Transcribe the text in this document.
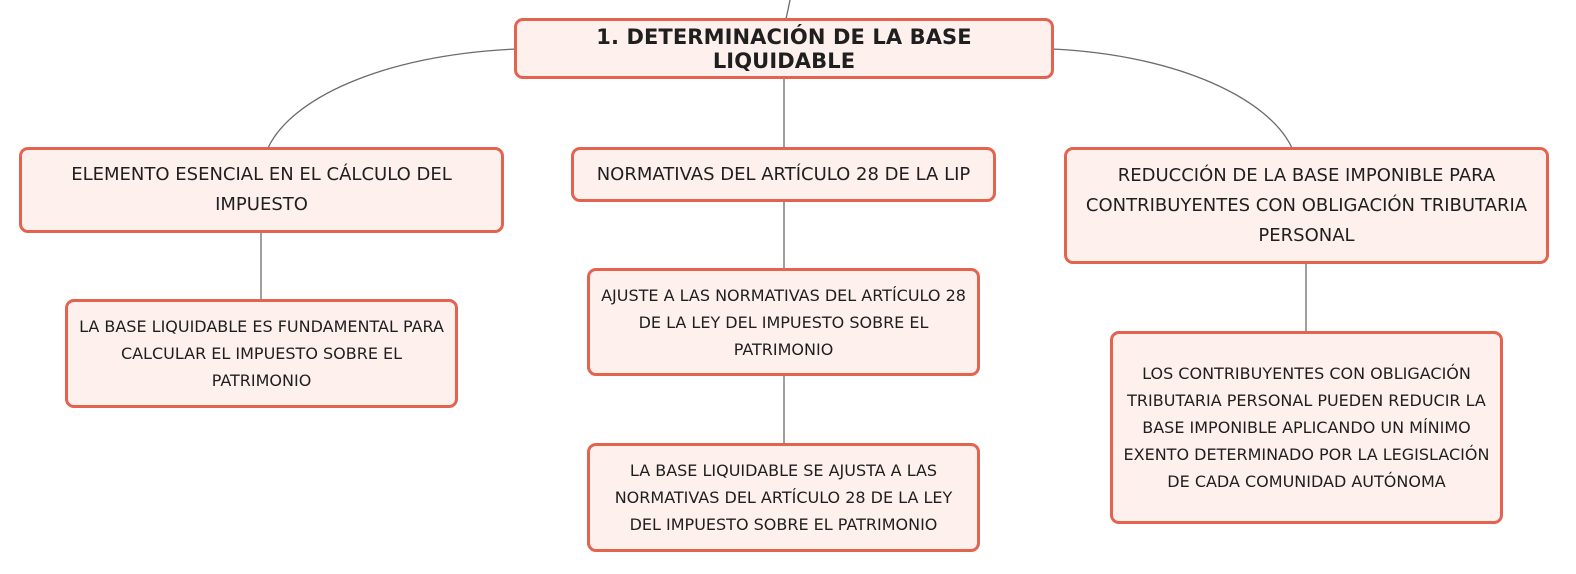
1. DETERMINACIÓN DE LA BASE LIQUIDABLE
ELEMENTO ESENCIAL EN EL CÁLCULO DEL IMPUESTO
NORMATIVAS DEL ARTÍCULO 28 DE LA LIP	REDUCCIÓN DE LA BASE IMPONIBLE PARA CONTRIBUYENTES CON OBLIGACIÓN TRIBUTARIA PERSONAL
LA BASE LIQUIDABLE ES FUNDAMENTAL PARA CALCULAR EL IMPUESTO SOBRE EL PATRIMONIO
AJUSTE A LAS NORMATIVAS DEL ARTÍCULO 28 DE LA LEY DEL IMPUESTO SOBRE EL PATRIMONIO
LA BASE LIQUIDABLE SE AJUSTA A LAS NORMATIVAS DEL ARTÍCULO 28 DE LA LEY DEL IMPUESTO SOBRE EL PATRIMONIO
LOS CONTRIBUYENTES CON OBLIGACIÓN TRIBUTARIA PERSONAL PUEDEN REDUCIR LA BASE IMPONIBLE APLICANDO UN MÍNIMO EXENTO DETERMINADO POR LA LEGISLACIÓN DE CADA COMUNIDAD AUTÓNOMA
